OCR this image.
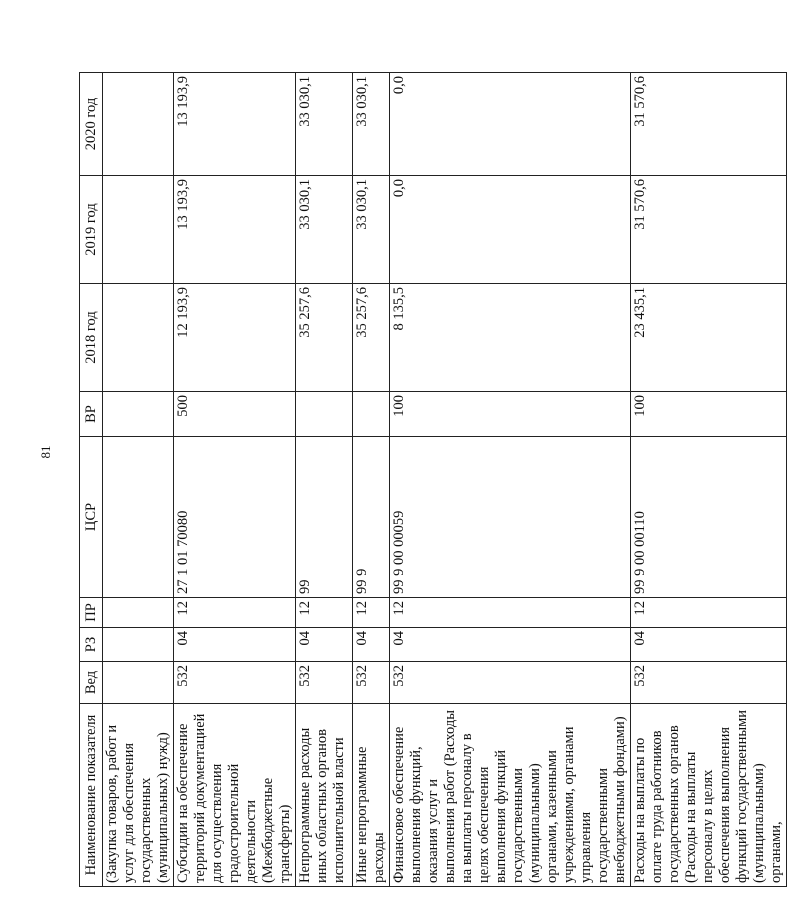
81
Наименование показателя	Вед	РЗ	ПР	ЦСР	ВР	2018 год	2019 год	2020 год
(Закупка товаров, работ и услуг для обеспечения государственных (муниципальных) нужд)								
Субсидии на обеспечение территорий документацией для осуществления градостроительной деятельности (Межбюджетные трансферты)	532	04	12	27 1 01 70080	500	12 193,9	13 193,9	13 193,9
Непрограммные расходы иных областных органов исполнительной власти	532	04	12	99		35 257,6	33 030,1	33 030,1
Иные непрограммные расходы	532	04	12	99 9		35 257,6	33 030,1	33 030,1
Финансовое обеспечение выполнения функций, оказания услуг и выполнения работ (Расходы на выплаты персоналу в целях обеспечения выполнения функций государственными (муниципальными) органами, казенными учреждениями, органами управления государственными внебюджетными фондами)	532	04	12	99 9 00 00059	100	8 135,5	0,0	0,0
Расходы на выплаты по оплате труда работников государственных органов (Расходы на выплаты персоналу в целях обеспечения выполнения функций государственными (муниципальными) органами,	532	04	12	99 9 00 00110	100	23 435,1	31 570,6	31 570,6
